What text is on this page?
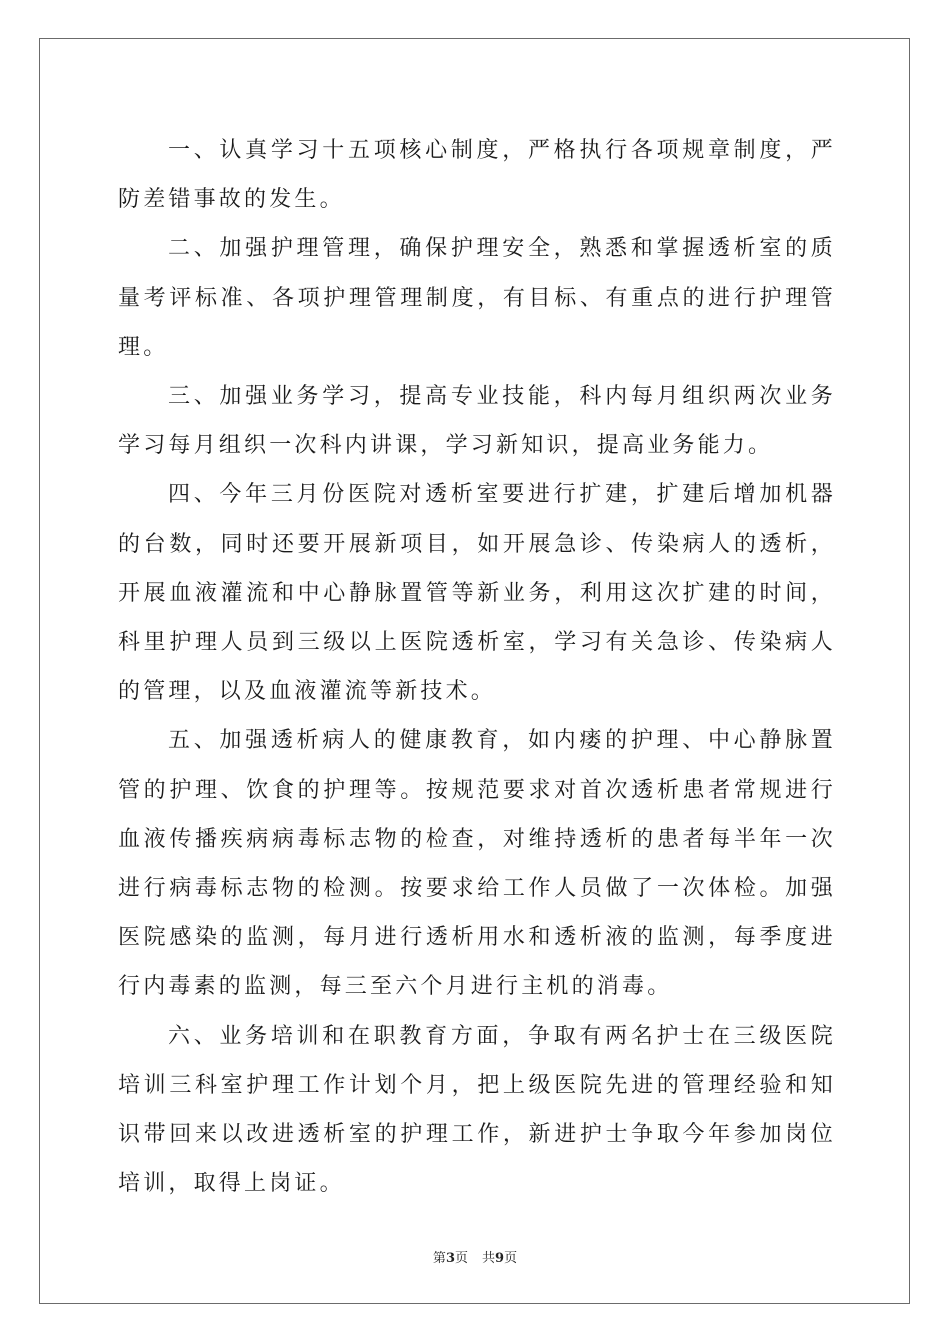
一、认真学习十五项核心制度，严格执行各项规章制度，严防差错事故的发生。

二、加强护理管理，确保护理安全，熟悉和掌握透析室的质量考评标准、各项护理管理制度，有目标、有重点的进行护理管理。

三、加强业务学习，提高专业技能，科内每月组织两次业务学习每月组织一次科内讲课，学习新知识，提高业务能力。

四、今年三月份医院对透析室要进行扩建，扩建后增加机器的台数，同时还要开展新项目，如开展急诊、传染病人的透析，开展血液灌流和中心静脉置管等新业务，利用这次扩建的时间，科里护理人员到三级以上医院透析室，学习有关急诊、传染病人的管理，以及血液灌流等新技术。

五、加强透析病人的健康教育，如内瘘的护理、中心静脉置管的护理、饮食的护理等。按规范要求对首次透析患者常规进行血液传播疾病病毒标志物的检查，对维持透析的患者每半年一次进行病毒标志物的检测。按要求给工作人员做了一次体检。加强医院感染的监测，每月进行透析用水和透析液的监测，每季度进行内毒素的监测，每三至六个月进行主机的消毒。

六、业务培训和在职教育方面，争取有两名护士在三级医院培训三科室护理工作计划个月，把上级医院先进的管理经验和知识带回来以改进透析室的护理工作，新进护士争取今年参加岗位培训，取得上岗证。

第3页 共9页
